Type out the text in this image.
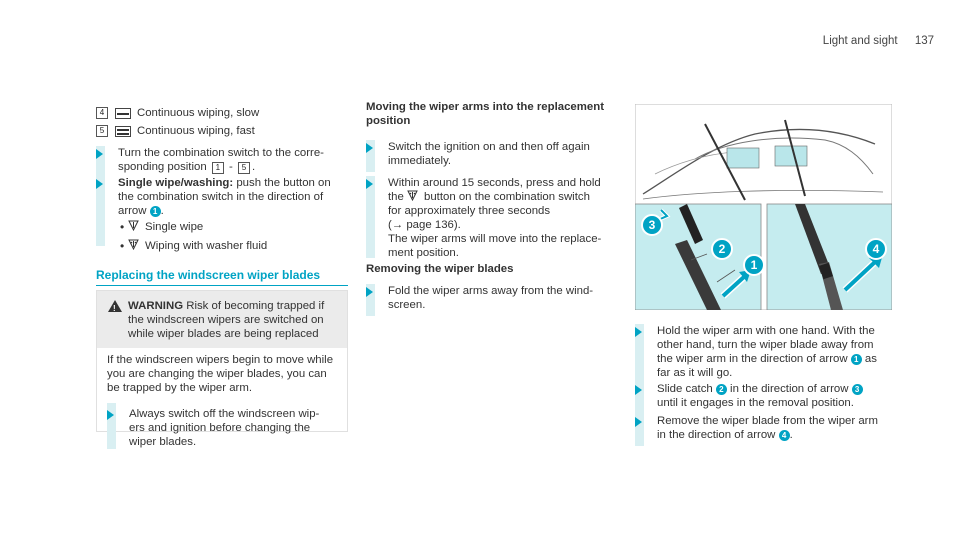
Light and sight 137
4	Continuous wiping, slow
5	Continuous wiping, fast
Turn the combination switch to the corre-
sponding position 1 - 5 .
Single wipe/washing: push the button on
the combination switch in the direction of
arrow 1 .
• Single wipe
• Wiping with washer fluid
Replacing the windscreen wiper blades
! WARNING Risk of becoming trapped if
the windscreen wipers are switched on
while wiper blades are being replaced
If the windscreen wipers begin to move while
you are changing the wiper blades, you can
be trapped by the wiper arm.
Always switch off the windscreen wip-
ers and ignition before changing the
wiper blades.
Moving the wiper arms into the replacement
position
Switch the ignition on and then off again
immediately.
Within around 15 seconds, press and hold
the button on the combination switch
for approximately three seconds
(→ page 136).
The wiper arms will move into the replace-
ment position.
Removing the wiper blades
Fold the wiper arms away from the wind-
screen.
1
2
3
4
Hold the wiper arm with one hand. With the
other hand, turn the wiper blade away from
the wiper arm in the direction of arrow 1 as
far as it will go.
Slide catch 2 in the direction of arrow 3
until it engages in the removal position.
Remove the wiper blade from the wiper arm
in the direction of arrow 4 .
